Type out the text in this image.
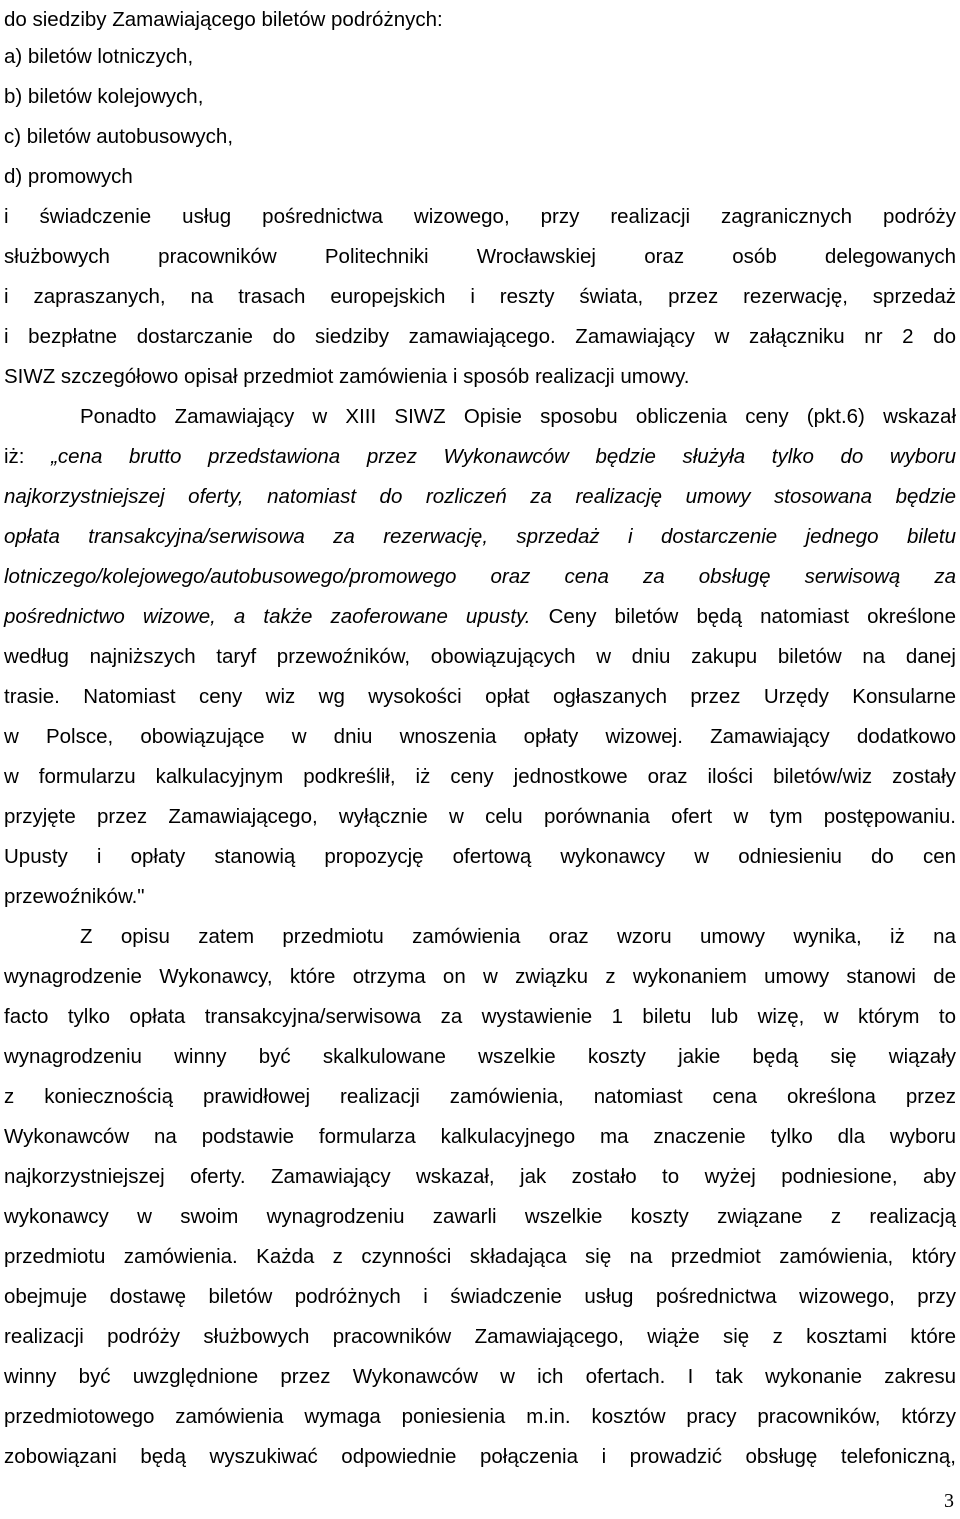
do siedziby Zamawiającego biletów podróżnych:
a) biletów lotniczych,
b) biletów kolejowych,
c) biletów autobusowych,
d) promowych
i świadczenie usług pośrednictwa wizowego, przy realizacji zagranicznych podróży
służbowych pracowników Politechniki Wrocławskiej oraz osób delegowanych
i zapraszanych, na trasach europejskich i reszty świata, przez rezerwację, sprzedaż
i bezpłatne dostarczanie do siedziby zamawiającego. Zamawiający w załączniku nr 2 do
SIWZ szczegółowo opisał przedmiot zamówienia i sposób realizacji umowy.
Ponadto Zamawiający w XIII SIWZ Opisie sposobu obliczenia ceny (pkt.6) wskazał
iż: „cena brutto przedstawiona przez Wykonawców będzie służyła tylko do wyboru
najkorzystniejszej oferty, natomiast do rozliczeń za realizację umowy stosowana będzie
opłata transakcyjna/serwisowa za rezerwację, sprzedaż i dostarczenie jednego biletu
lotniczego/kolejowego/autobusowego/promowego oraz cena za obsługę serwisową za
pośrednictwo wizowe, a także zaoferowane upusty. Ceny biletów będą natomiast określone
według najniższych taryf przewoźników, obowiązujących w dniu zakupu biletów na danej
trasie. Natomiast ceny wiz wg wysokości opłat ogłaszanych przez Urzędy Konsularne
w Polsce, obowiązujące w dniu wnoszenia opłaty wizowej. Zamawiający dodatkowo
w formularzu kalkulacyjnym podkreślił, iż ceny jednostkowe oraz ilości biletów/wiz zostały
przyjęte przez Zamawiającego, wyłącznie w celu porównania ofert w tym postępowaniu.
Upusty i opłaty stanowią propozycję ofertową wykonawcy w odniesieniu do cen
przewoźników."
Z opisu zatem przedmiotu zamówienia oraz wzoru umowy wynika, iż na
wynagrodzenie Wykonawcy, które otrzyma on w związku z wykonaniem umowy stanowi de
facto tylko opłata transakcyjna/serwisowa za wystawienie 1 biletu lub wizę, w którym to
wynagrodzeniu winny być skalkulowane wszelkie koszty jakie będą się wiązały
z koniecznością prawidłowej realizacji zamówienia, natomiast cena określona przez
Wykonawców na podstawie formularza kalkulacyjnego ma znaczenie tylko dla wyboru
najkorzystniejszej oferty. Zamawiający wskazał, jak zostało to wyżej podniesione, aby
wykonawcy w swoim wynagrodzeniu zawarli wszelkie koszty związane z realizacją
przedmiotu zamówienia. Każda z czynności składająca się na przedmiot zamówienia, który
obejmuje dostawę biletów podróżnych i świadczenie usług pośrednictwa wizowego, przy
realizacji podróży służbowych pracowników Zamawiającego, wiąże się z kosztami które
winny być uwzględnione przez Wykonawców w ich ofertach. I tak wykonanie zakresu
przedmiotowego zamówienia wymaga poniesienia m.in. kosztów pracy pracowników, którzy
zobowiązani będą wyszukiwać odpowiednie połączenia i prowadzić obsługę telefoniczną,
3
